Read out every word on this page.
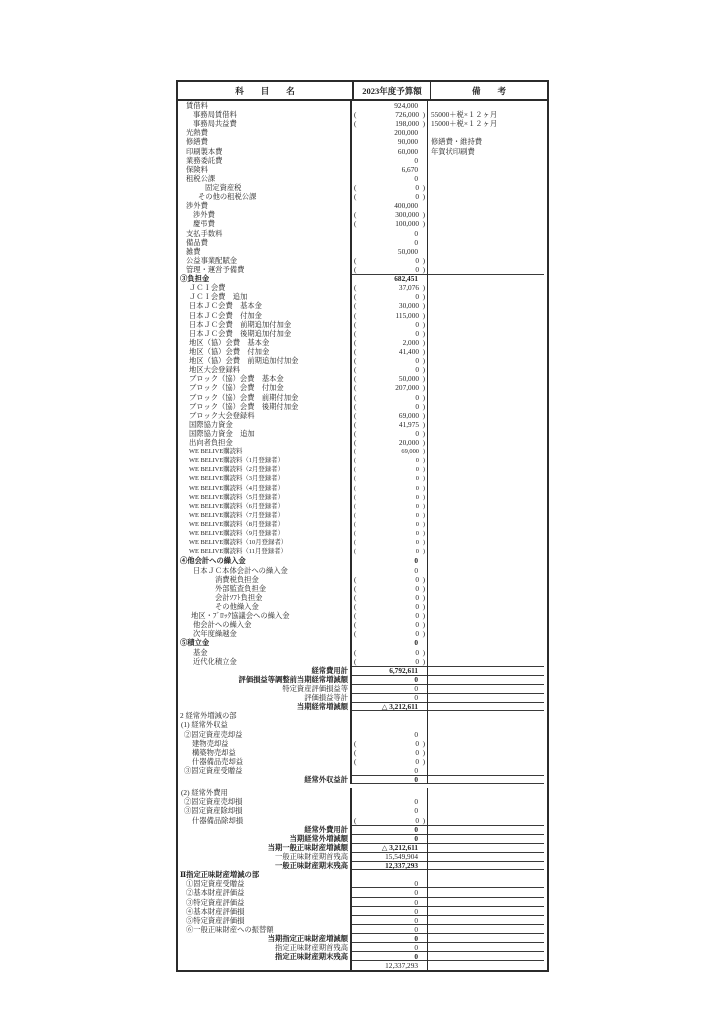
科　　目　　名	2023年度予算額	備　　考
賃借料	924,000
事務局賃借料	(	726,000 ) 55000＋税×１２ヶ月
事務局共益費	(	198,000 ) 15000＋税×１２ヶ月
光熱費	200,000
修繕費	90,000	修繕費・維持費
印刷製本費	60,000	年賀状印刷費
業務委託費	0
保険料	6,670
租税公課	0
固定資産税	(	0 )
その他の租税公課	(	0 )
渉外費	400,000
渉外費	(	300,000 )
慶弔費	(	100,000 )
支払手数料	0
備品費	0
雑費	50,000
公益事業配賦金	(	0 )
管理・運営予備費	(	0 )
③負担金	682,451
ＪＣＩ会費	(	37,076 )
ＪＣＩ会費　追加	(	0 )
日本ＪＣ会費　基本金	(	30,000 )
日本ＪＣ会費　付加金	(	115,000 )
日本ＪＣ会費　前期追加付加金	(	0 )
日本ＪＣ会費　後期追加付加金	(	0 )
地区（協）会費　基本金	(	2,000 )
地区（協）会費　付加金	(	41,400 )
地区（協）会費　前期追加付加金	(	0 )
地区大会登録料	(	0 )
ブロック（協）会費　基本金	(	50,000 )
ブロック（協）会費　付加金	(	207,000 )
ブロック（協）会費　前期付加金	(	0 )
ブロック（協）会費　後期付加金	(	0 )
ブロック大会登録料	(	69,000 )
国際協力資金	(	41,975 )
国際協力資金　追加	(	0 )
出向者負担金	(	20,000 )
WE BELIVE購読料	(	69,000 )
WE BELIVE購読料（1月登録者）	(	0 )
WE BELIVE購読料（2月登録者）	(	0 )
WE BELIVE購読料（3月登録者）	(	0 )
WE BELIVE購読料（4月登録者）	(	0 )
WE BELIVE購読料（5月登録者）	(	0 )
WE BELIVE購読料（6月登録者）	(	0 )
WE BELIVE購読料（7月登録者）	(	0 )
WE BELIVE購読料（8月登録者）	(	0 )
WE BELIVE購読料（9月登録者）	(	0 )
WE BELIVE購読料（10月登録者）	(	0 )
WE BELIVE購読料（11月登録者）	(	0 )
④他会計への繰入金	0
日本ＪＣ本体会計への繰入金	0
消費税負担金	(	0 )
外部監査負担金	(	0 )
会計ｿﾌﾄ負担金	(	0 )
その他繰入金	(	0 )
地区・ﾌﾞﾛｯｸ協議会への繰入金	(	0 )
他会計への繰入金	(	0 )
次年度繰越金	(	0 )
⑤積立金	0
基金	(	0 )
近代化積立金	(	0 )
経常費用計	6,792,611
評価損益等調整前当期経常増減額	0
特定資産評価損益等	0
評価損益等計	0
当期経常増減額	△ 3,212,611
2 経常外増減の部
(1) 経常外収益
②固定資産売却益	0
建物売却益	(	0 )
構築物売却益	(	0 )
什器備品売却益	(	0 )
③固定資産受贈益	0
経常外収益計	0
(2) 経常外費用
②固定資産売却損	0
③固定資産除却損	0
什器備品除却損	(	0 )
経常外費用計	0
当期経常外増減額	0
当期一般正味財産増減額	△ 3,212,611
一般正味財産期首残高	15,549,904
一般正味財産期末残高	12,337,293
Ⅱ指定正味財産増減の部
①固定資産受贈益	0
②基本財産評価益	0
③特定資産評価益	0
④基本財産評価損	0
⑤特定資産評価損	0
⑥一般正味財産への振替額	0
当期指定正味財産増減額	0
指定正味財産期首残高	0
指定正味財産期末残高	0
12,337,293
